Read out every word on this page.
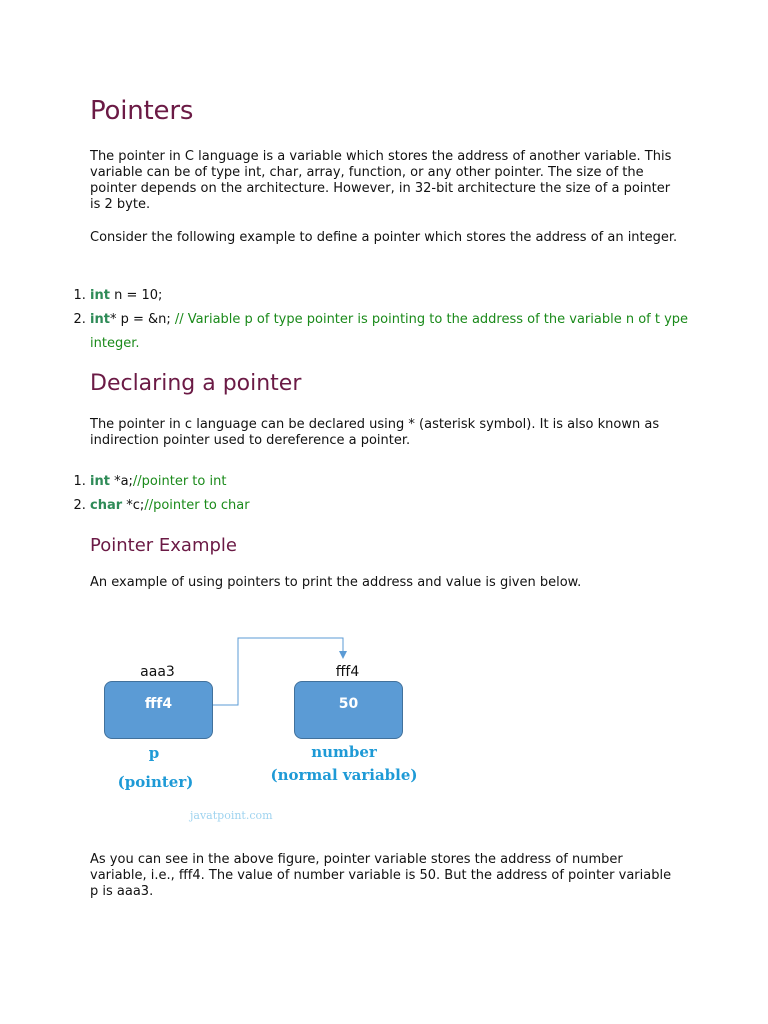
Pointers

The pointer in C language is a variable which stores the address of another variable. This variable can be of type int, char, array, function, or any other pointer. The size of the pointer depends on the architecture. However, in 32-bit architecture the size of a pointer is 2 byte.

Consider the following example to define a pointer which stores the address of an integer.

1. int n = 10;
2. int* p = &n; // Variable p of type pointer is pointing to the address of the variable n of t ype integer.
Declaring a pointer

The pointer in c language can be declared using * (asterisk symbol). It is also known as indirection pointer used to dereference a pointer.

1. int *a;//pointer to int
2. char *c;//pointer to char
Pointer Example

An example of using pointers to print the address and value is given below.

aaa3
fff4
fff4
50
p
(pointer)
number
(normal variable)
javatpoint.com

As you can see in the above figure, pointer variable stores the address of number variable, i.e., fff4. The value of number variable is 50. But the address of pointer variable p is aaa3.
